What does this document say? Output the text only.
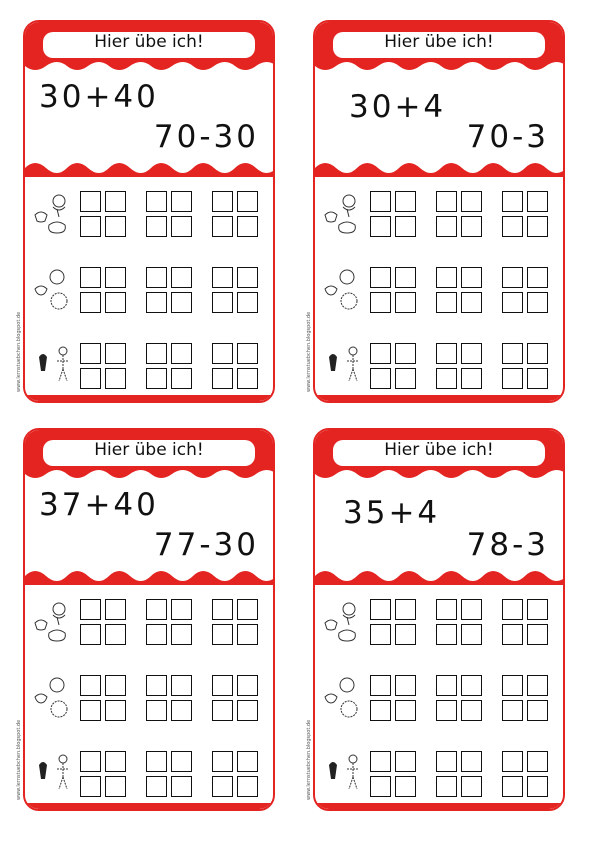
Hier übe ich!
30+40
70-30
Hier übe ich!
30+4
70-3
Hier übe ich!
37+40
77-30
Hier übe ich!
35+4
78-3
www.lernstuebchen.blogspot.de	www.lernstuebchen.blogspot.de
www.lernstuebchen.blogspot.de	www.lernstuebchen.blogspot.de
